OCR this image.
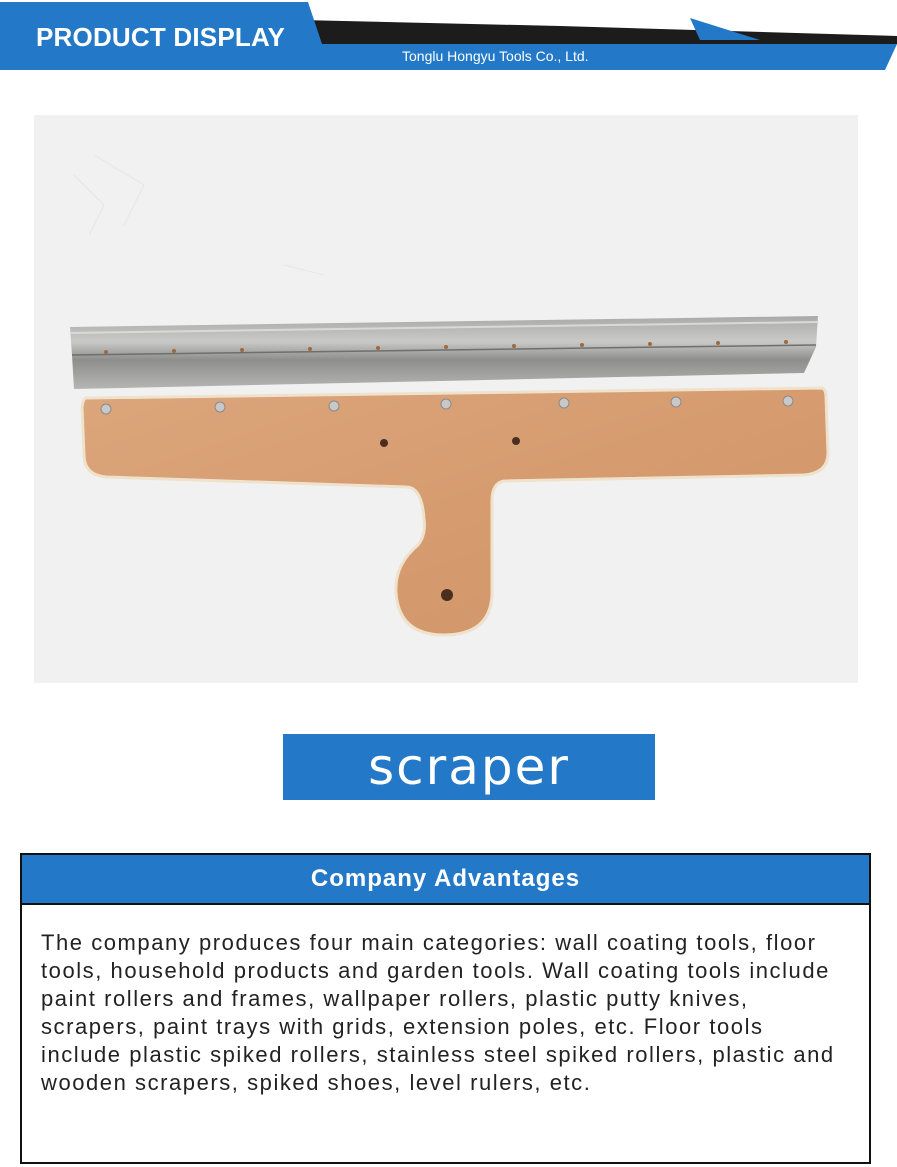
PRODUCT DISPLAY
Tonglu Hongyu Tools Co., Ltd.
scraper
Company Advantages
The company produces four main categories: wall coating tools, floor tools, household products and garden tools. Wall coating tools include paint rollers and frames, wallpaper rollers, plastic putty knives, scrapers, paint trays with grids, extension poles, etc. Floor tools include plastic spiked rollers, stainless steel spiked rollers, plastic and wooden scrapers, spiked shoes, level rulers, etc.
